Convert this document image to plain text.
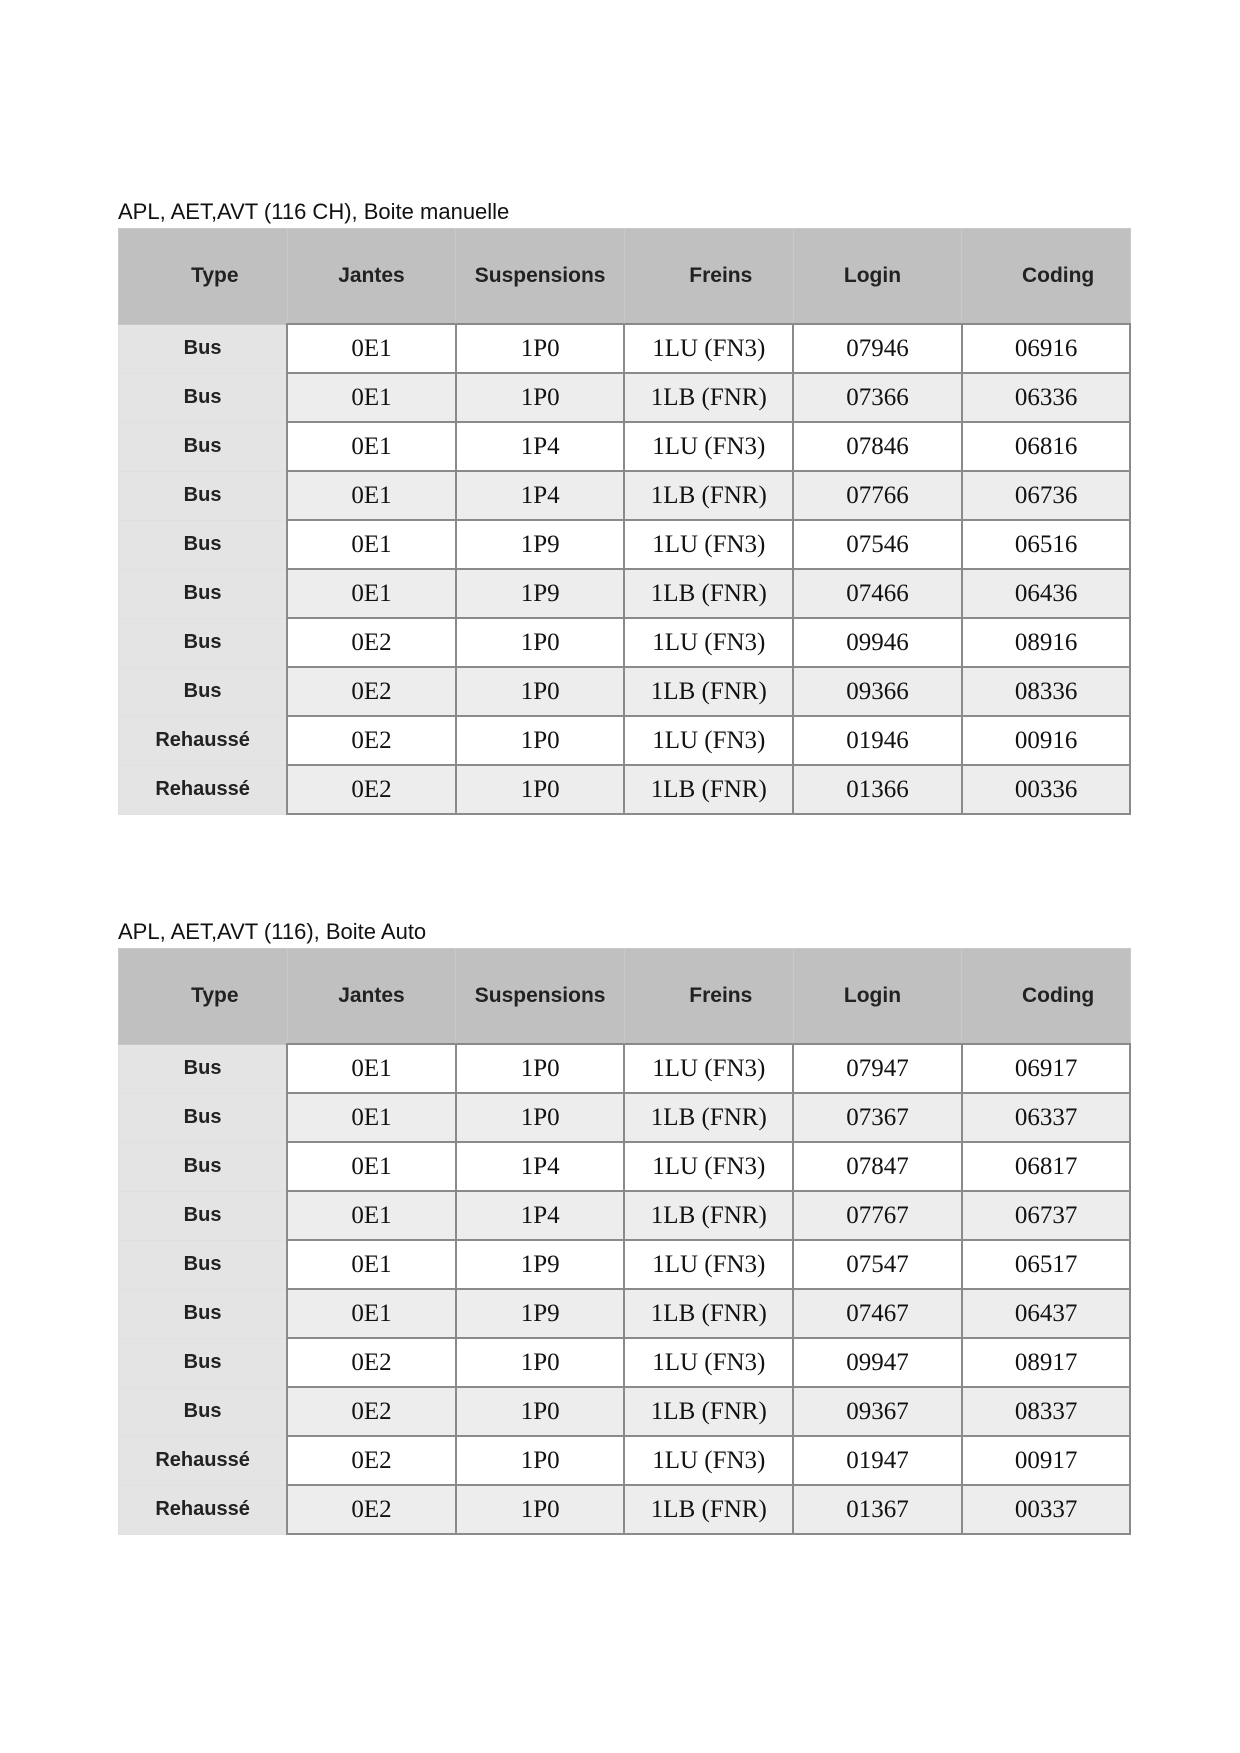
APL, AET,AVT (116 CH), Boite manuelle
Type	Jantes	Suspensions	Freins	Login	Coding
Bus	0E1	1P0	1LU (FN3)	07946	06916
Bus	0E1	1P0	1LB (FNR)	07366	06336
Bus	0E1	1P4	1LU (FN3)	07846	06816
Bus	0E1	1P4	1LB (FNR)	07766	06736
Bus	0E1	1P9	1LU (FN3)	07546	06516
Bus	0E1	1P9	1LB (FNR)	07466	06436
Bus	0E2	1P0	1LU (FN3)	09946	08916
Bus	0E2	1P0	1LB (FNR)	09366	08336
Rehaussé	0E2	1P0	1LU (FN3)	01946	00916
Rehaussé	0E2	1P0	1LB (FNR)	01366	00336
APL, AET,AVT (116), Boite Auto
Type	Jantes	Suspensions	Freins	Login	Coding
Bus	0E1	1P0	1LU (FN3)	07947	06917
Bus	0E1	1P0	1LB (FNR)	07367	06337
Bus	0E1	1P4	1LU (FN3)	07847	06817
Bus	0E1	1P4	1LB (FNR)	07767	06737
Bus	0E1	1P9	1LU (FN3)	07547	06517
Bus	0E1	1P9	1LB (FNR)	07467	06437
Bus	0E2	1P0	1LU (FN3)	09947	08917
Bus	0E2	1P0	1LB (FNR)	09367	08337
Rehaussé	0E2	1P0	1LU (FN3)	01947	00917
Rehaussé	0E2	1P0	1LB (FNR)	01367	00337
